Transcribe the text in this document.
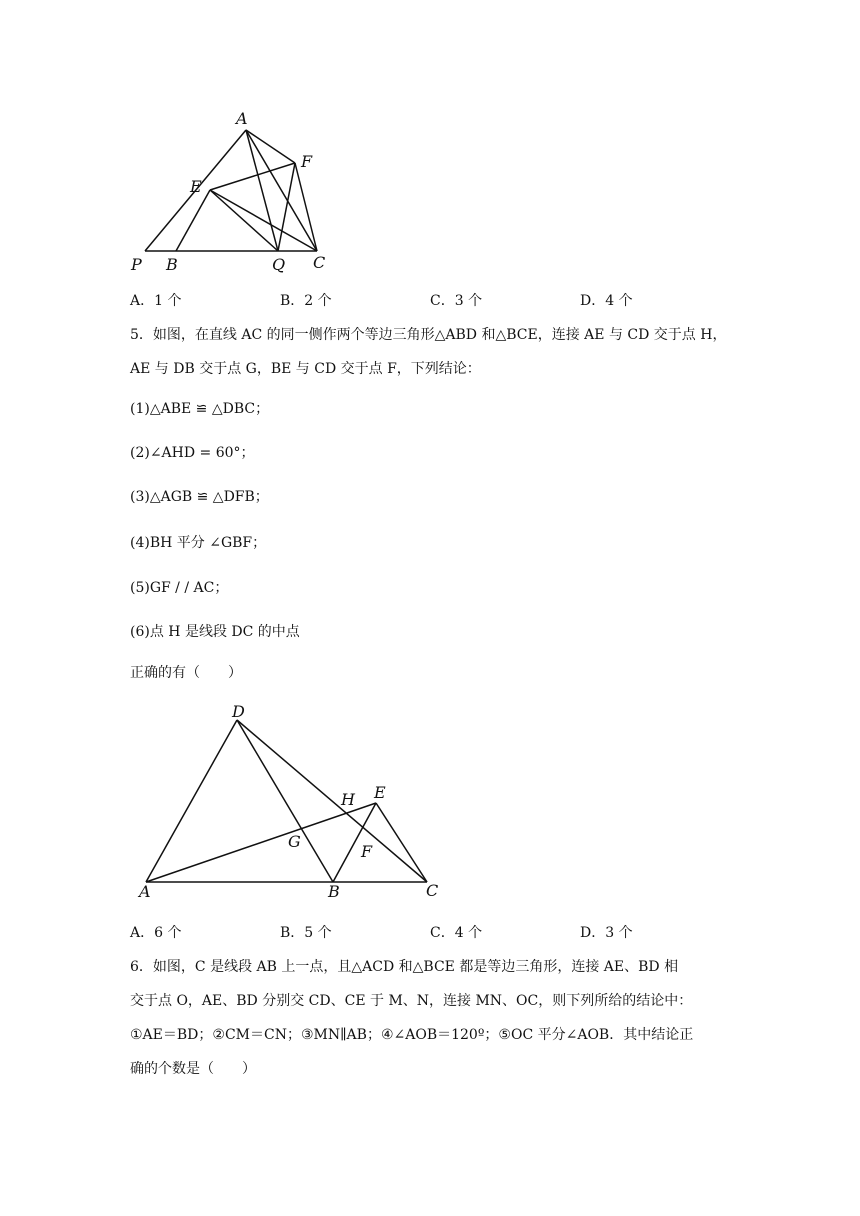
A
F
E
P B	Q C
A．1 个	B．2 个	C．3 个	D．4 个
5．如图，在直线 AC 的同一侧作两个等边三角形△ABD 和△BCE，连接 AE 与 CD 交于点 H，
AE 与 DB 交于点 G，BE 与 CD 交于点 F，下列结论：
(1)△ABE ≌ △DBC；
(2)∠AHD = 60°；
(3)△AGB ≌ △DFB；
(4)BH 平分 ∠GBF；
(5)GF / / AC；
(6)点 H 是线段 DC 的中点
正确的有（　　）
D
H E
G
F
A	B	C
A．6 个	B．5 个	C．4 个	D．3 个
6．如图，C 是线段 AB 上一点，且△ACD 和△BCE 都是等边三角形，连接 AE、BD 相
交于点 O，AE、BD 分别交 CD、CE 于 M、N，连接 MN、OC，则下列所给的结论中：
①AE＝BD；②CM＝CN；③MN∥AB；④∠AOB＝120º；⑤OC 平分∠AOB．其中结论正
确的个数是（　　）
